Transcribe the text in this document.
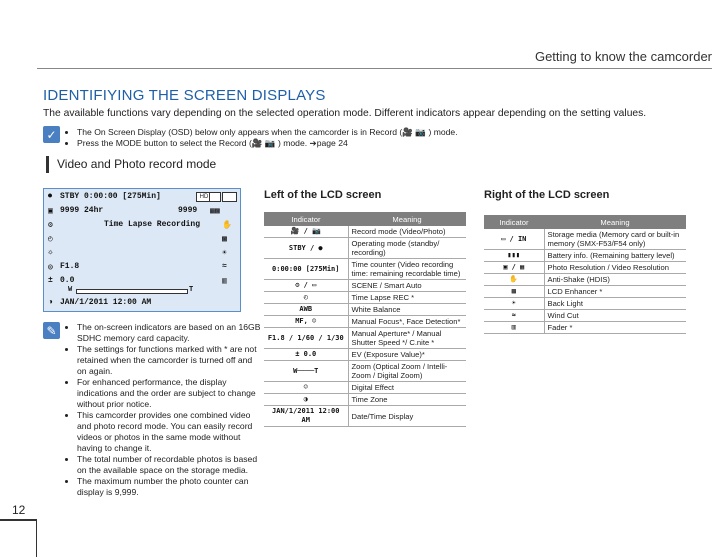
Getting to know the camcorder
IDENTIFIYING THE SCREEN DISPLAYS
The available functions vary depending on the selected operation mode. Different indicators appear depending on the setting values.
✓	• The On Screen Display (OSD) below only appears when the camcorder is in Record (🎥 📷 ) mode.
• Press the MODE button to select the Record (🎥 📷 ) mode. ➔page 24
Video and Photo record mode
⏺ STBY 0:00:00 [275Min]	HD
▣ 9999 24hr	9999 ▦▩
⚙	Time Lapse Recording	✋
◴	▩
☼	☀
◎ F1.8	≈
± 0.0	▥
W	T
◑ JAN/1/2011 12:00 AM
✎	• The on-screen indicators are based on an 16GB SDHC memory card capacity.
• The settings for functions marked with * are not retained when the camcorder is turned off and on again.
• For enhanced performance, the display indications and the order are subject to change without prior notice.
• This camcorder provides one combined video and photo record mode. You can easily record videos or photos in the same mode without having to change it.
• The total number of recordable photos is based on the available space on the storage media.
• The maximum number the photo counter can display is 9,999.
Left of the LCD screen
Indicator	Meaning
🎥 / 📷	Record mode (Video/Photo)
STBY / ●	Operating mode (standby/ recording)
0:00:00 [275Min]	Time counter (Video recording time: remaining recordable time)
⚙ / ▭	SCENE / Smart Auto
◴	Time Lapse REC *
AWB	White Balance
MF, ☺	Manual Focus*, Face Detection*
F1.8 / 1/60 / 1/30	Manual Aperture* / Manual Shutter Speed */ C.nite *
± 0.0	EV (Exposure Value)*
W────T	Zoom (Optical Zoom / Intelli-Zoom / Digital Zoom)
☺	Digital Effect
◑	Time Zone
JAN/1/2011 12:00 AM	Date/Time Display
Right of the LCD screen
Indicator	Meaning
▭ / IN	Storage media (Memory card or built-in memory (SMX-F53/F54 only)
▮▮▮	Battery info. (Remaining battery level)
▣ / ▦	Photo Resolution / Video Resolution
✋	Anti-Shake (HDIS)
▩	LCD Enhancer *
☀	Back Light
≈	Wind Cut
▥	Fader *
12
